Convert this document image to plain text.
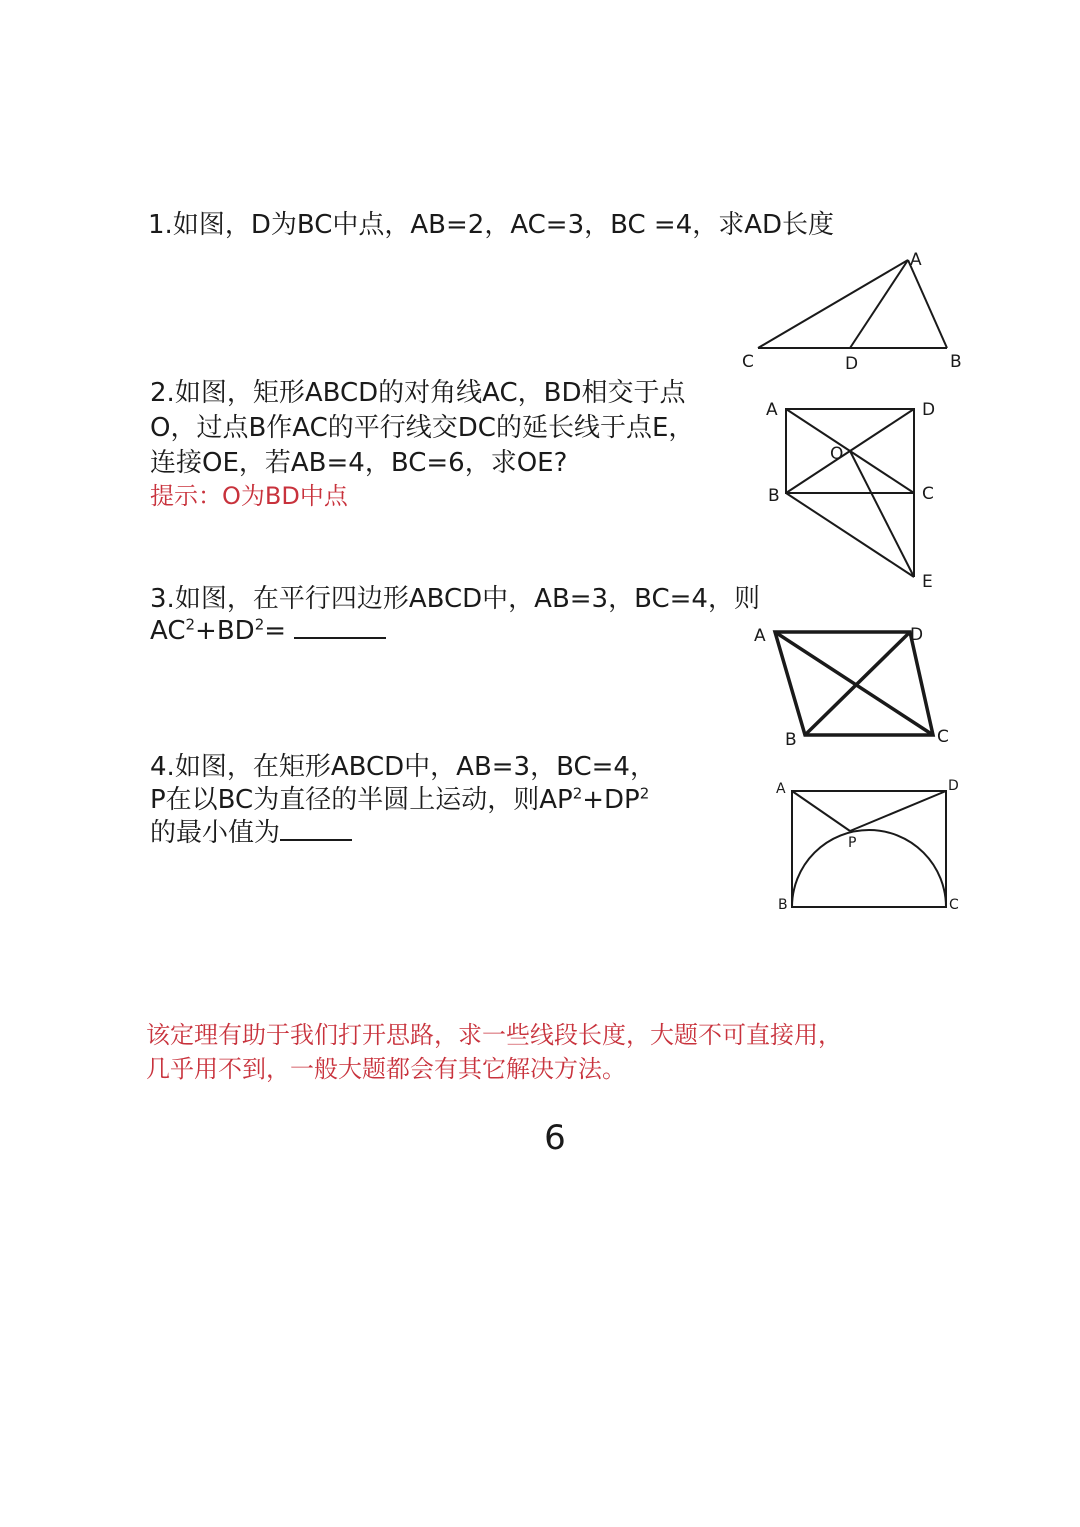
1.如图，D为BC中点，AB=2，AC=3，BC =4，求AD长度
A
B
C	D
2.如图，矩形ABCD的对角线AC，BD相交于点
O，过点B作AC的平行线交DC的延长线于点E，
连接OE，若AB=4，BC=6，求OE?
提示：O为BD中点
A	D
O
B	C
E
3.如图，在平行四边形ABCD中，AB=3，BC=4，则
$AC^2+BD^2=$	A	D
B	C
4.如图，在矩形ABCD中，AB=3，BC=4，
P在以BC为直径的半圆上运动，则$AP^2+DP^2$
的最小值为
A	D
P
B	C
该定理有助于我们打开思路，求一些线段长度，大题不可直接用，
几乎用不到，一般大题都会有其它解决方法。
6
